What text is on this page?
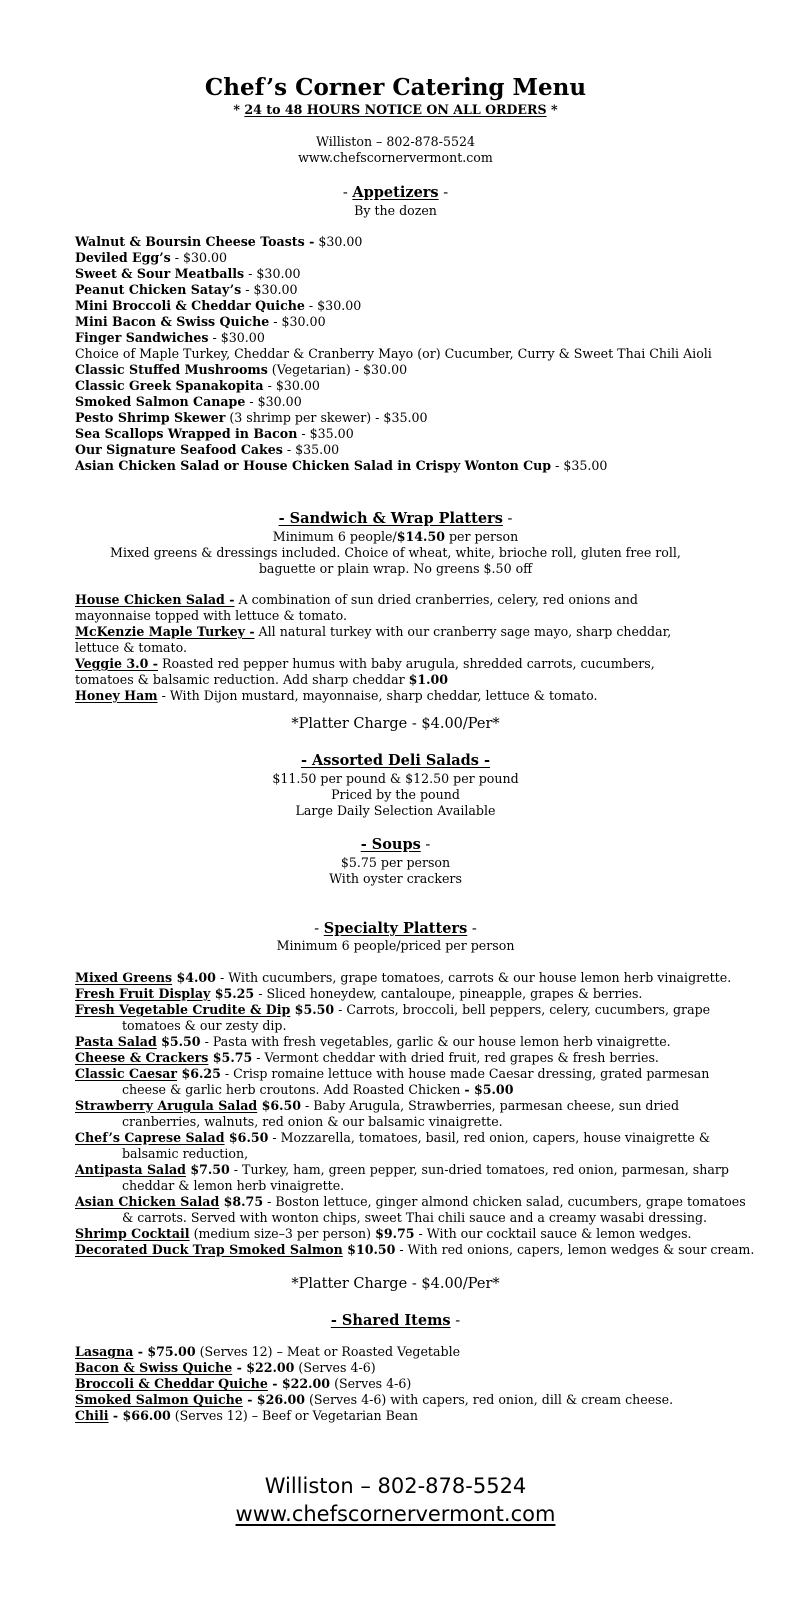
Chef’s Corner Catering Menu
* 24 to 48 HOURS NOTICE ON ALL ORDERS *
Williston – 802-878-5524
www.chefscornervermont.com
- Appetizers -
By the dozen
Walnut & Boursin Cheese Toasts - $30.00
Deviled Egg’s - $30.00
Sweet & Sour Meatballs - $30.00
Peanut Chicken Satay’s - $30.00
Mini Broccoli & Cheddar Quiche - $30.00
Mini Bacon & Swiss Quiche - $30.00
Finger Sandwiches - $30.00
Choice of Maple Turkey, Cheddar & Cranberry Mayo (or) Cucumber, Curry & Sweet Thai Chili Aioli
Classic Stuffed Mushrooms (Vegetarian) - $30.00
Classic Greek Spanakopita - $30.00
Smoked Salmon Canape - $30.00
Pesto Shrimp Skewer (3 shrimp per skewer) - $35.00
Sea Scallops Wrapped in Bacon - $35.00
Our Signature Seafood Cakes - $35.00
Asian Chicken Salad or House Chicken Salad in Crispy Wonton Cup - $35.00
- Sandwich & Wrap Platters -
Minimum 6 people/$14.50 per person
Mixed greens & dressings included. Choice of wheat, white, brioche roll, gluten free roll, baguette or plain wrap. No greens $.50 off
House Chicken Salad - A combination of sun dried cranberries, celery, red onions and mayonnaise topped with lettuce & tomato.
McKenzie Maple Turkey - All natural turkey with our cranberry sage mayo, sharp cheddar, lettuce & tomato.
Veggie 3.0 - Roasted red pepper humus with baby arugula, shredded carrots, cucumbers, tomatoes & balsamic reduction. Add sharp cheddar $1.00
Honey Ham - With Dijon mustard, mayonnaise, sharp cheddar, lettuce & tomato.
*Platter Charge - $4.00/Per*
- Assorted Deli Salads -
$11.50 per pound & $12.50 per pound
Priced by the pound
Large Daily Selection Available
- Soups -
$5.75 per person
With oyster crackers
- Specialty Platters -
Minimum 6 people/priced per person
Mixed Greens $4.00 - With cucumbers, grape tomatoes, carrots & our house lemon herb vinaigrette.
Fresh Fruit Display $5.25 - Sliced honeydew, cantaloupe, pineapple, grapes & berries.
Fresh Vegetable Crudite & Dip $5.50 - Carrots, broccoli, bell peppers, celery, cucumbers, grape
tomatoes & our zesty dip.
Pasta Salad $5.50 - Pasta with fresh vegetables, garlic & our house lemon herb vinaigrette.
Cheese & Crackers $5.75 - Vermont cheddar with dried fruit, red grapes & fresh berries.
Classic Caesar $6.25 - Crisp romaine lettuce with house made Caesar dressing, grated parmesan
cheese & garlic herb croutons. Add Roasted Chicken - $5.00
Strawberry Arugula Salad $6.50 - Baby Arugula, Strawberries, parmesan cheese, sun dried
cranberries, walnuts, red onion & our balsamic vinaigrette.
Chef’s Caprese Salad $6.50 - Mozzarella, tomatoes, basil, red onion, capers, house vinaigrette &
balsamic reduction,
Antipasta Salad $7.50 - Turkey, ham, green pepper, sun-dried tomatoes, red onion, parmesan, sharp
cheddar & lemon herb vinaigrette.
Asian Chicken Salad $8.75 - Boston lettuce, ginger almond chicken salad, cucumbers, grape tomatoes
& carrots. Served with wonton chips, sweet Thai chili sauce and a creamy wasabi dressing.
Shrimp Cocktail (medium size–3 per person) $9.75 - With our cocktail sauce & lemon wedges.
Decorated Duck Trap Smoked Salmon $10.50 - With red onions, capers, lemon wedges & sour cream.
*Platter Charge - $4.00/Per*
- Shared Items -
Lasagna - $75.00 (Serves 12) – Meat or Roasted Vegetable
Bacon & Swiss Quiche - $22.00 (Serves 4-6)
Broccoli & Cheddar Quiche - $22.00 (Serves 4-6)
Smoked Salmon Quiche - $26.00 (Serves 4-6) with capers, red onion, dill & cream cheese.
Chili - $66.00 (Serves 12) – Beef or Vegetarian Bean
Williston – 802-878-5524
www.chefscornervermont.com
